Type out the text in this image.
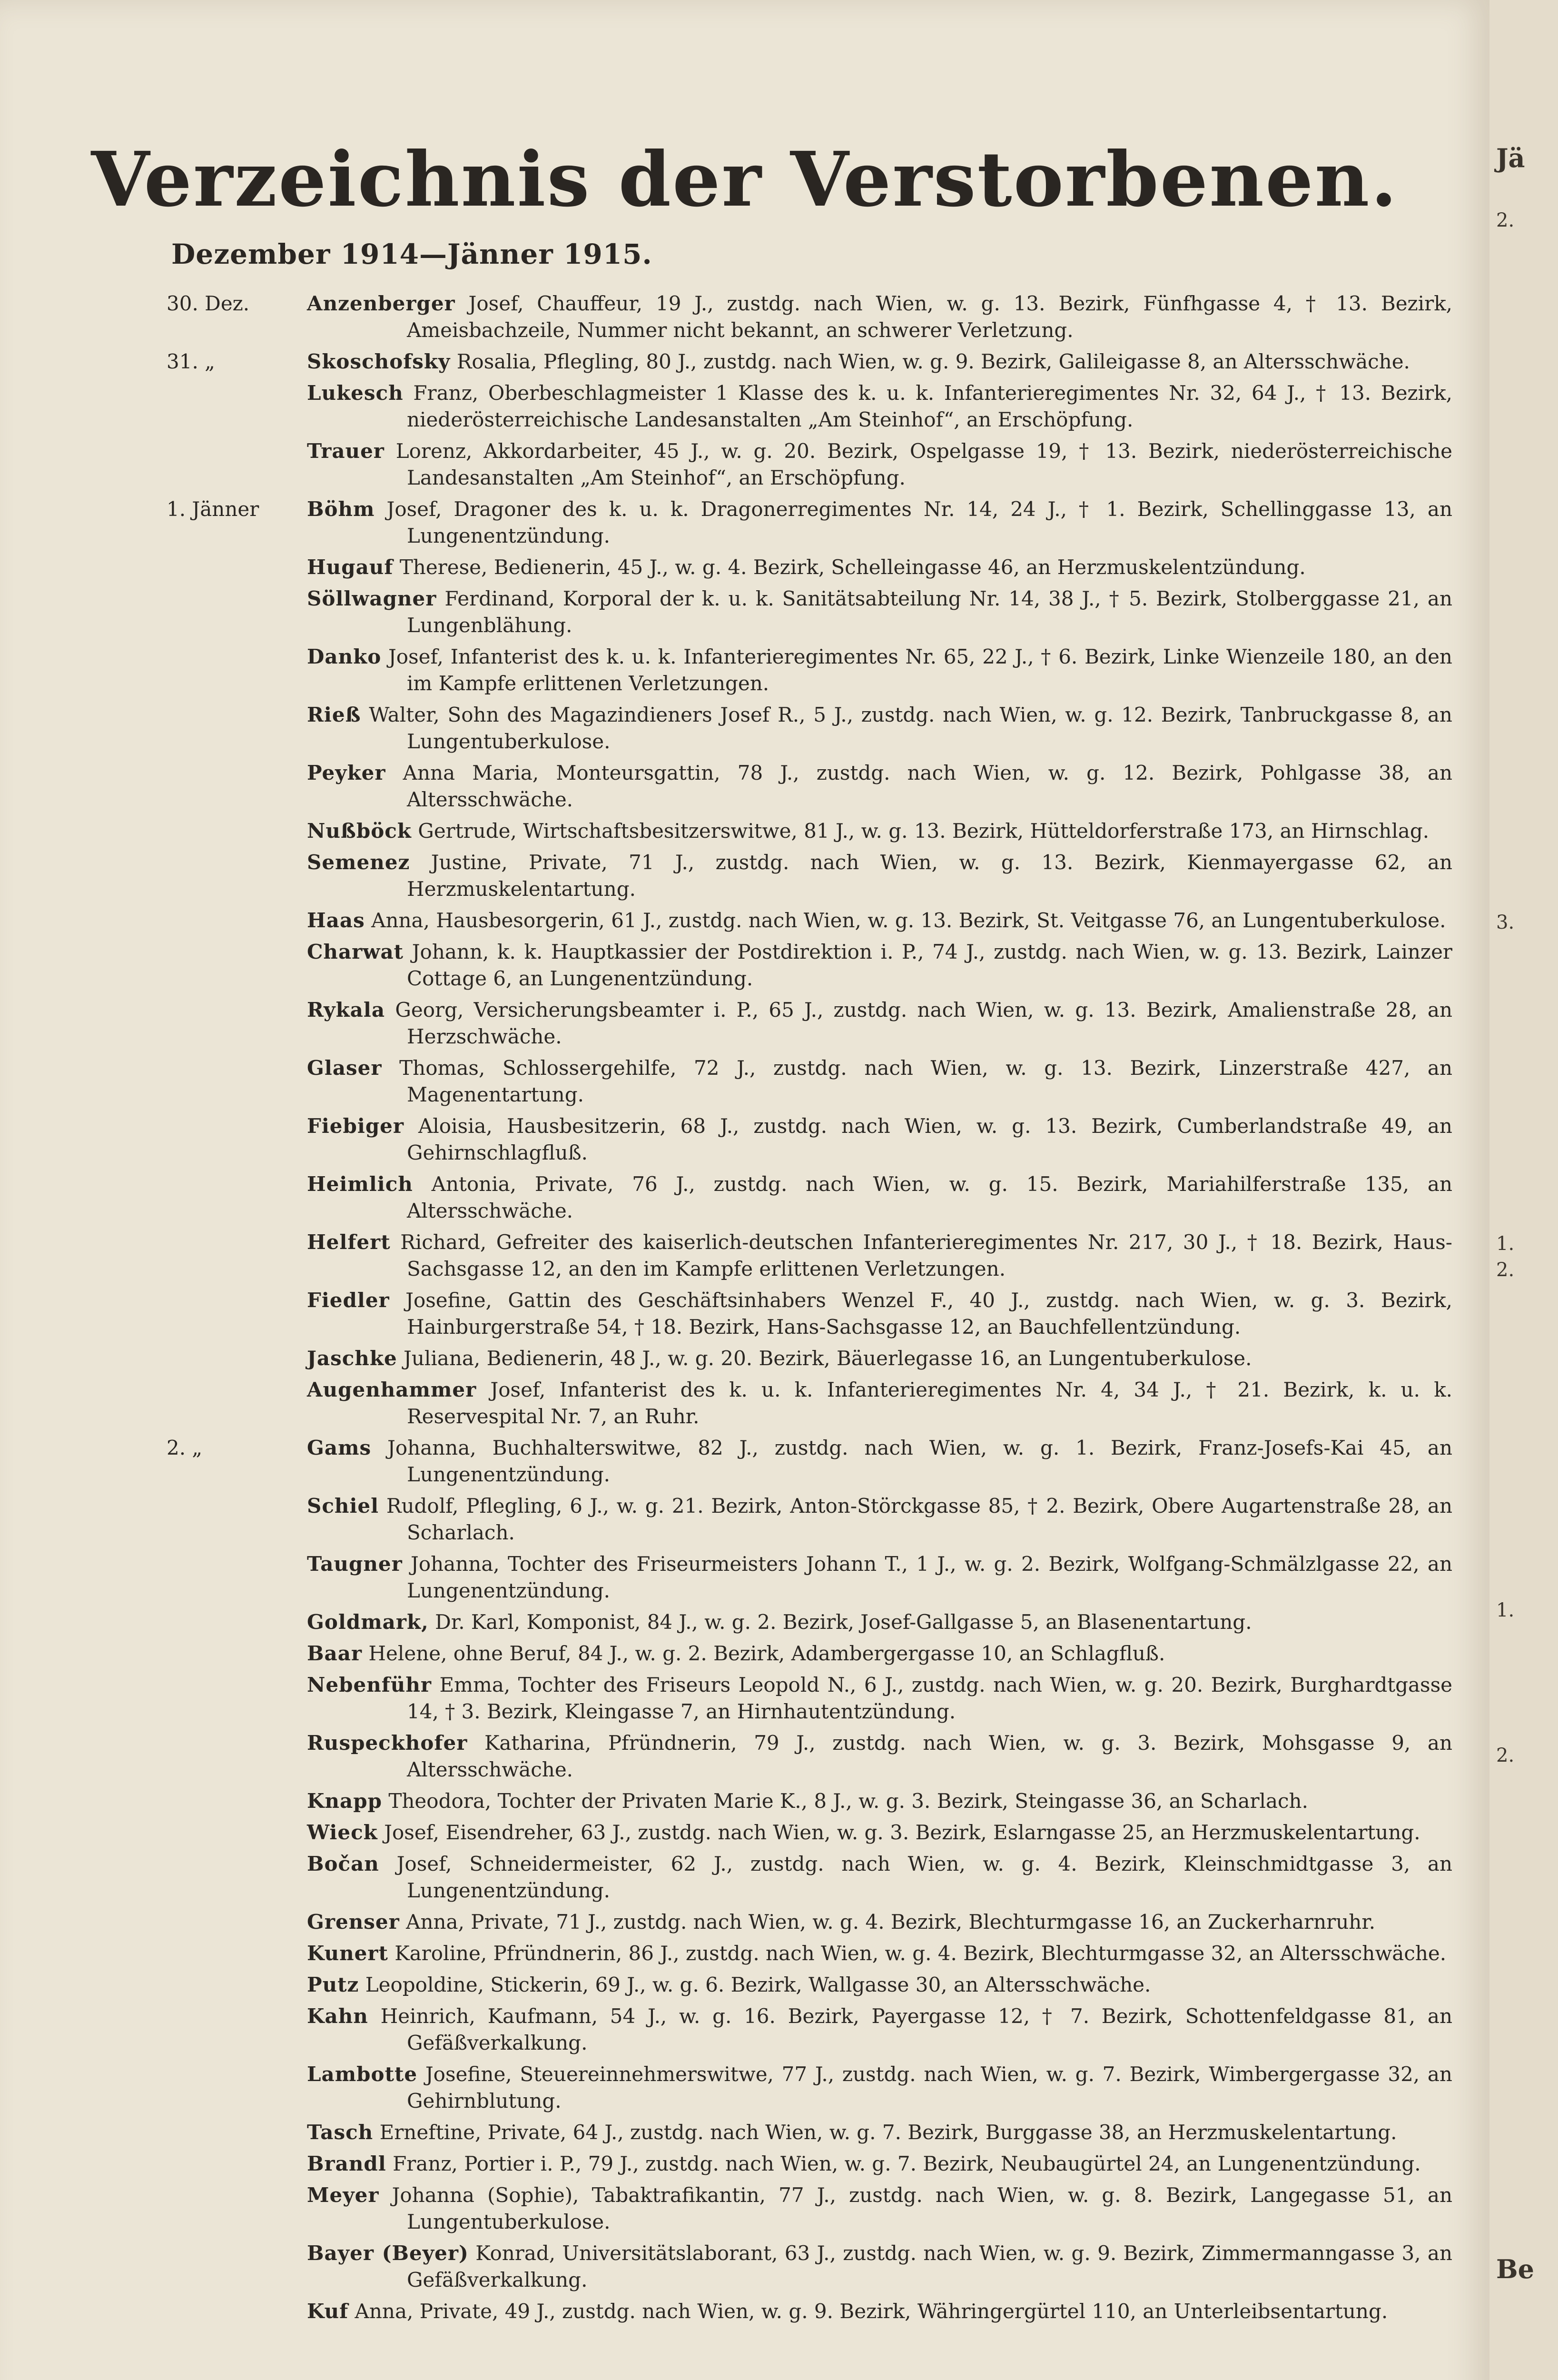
Verzeichnis der Verstorbenen.
Dezember 1914—Jänner 1915.
30. Dez.	Anzenberger Josef, Chauffeur, 19 J., zustdg. nach Wien, w. g. 13. Bezirk, Fünfhgasse 4, † 13. Bezirk, Ameisbachzeile, Nummer nicht bekannt, an schwerer Verletzung.
31. „	Skoschofsky Rosalia, Pflegling, 80 J., zustdg. nach Wien, w. g. 9. Bezirk, Galileigasse 8, an Altersschwäche.
Lukesch Franz, Oberbeschlagmeister 1 Klasse des k. u. k. Infanterieregimentes Nr. 32, 64 J., † 13. Bezirk, niederösterreichische Landesanstalten „Am Steinhof“, an Erschöpfung.
Trauer Lorenz, Akkordarbeiter, 45 J., w. g. 20. Bezirk, Ospelgasse 19, † 13. Bezirk, niederösterreichische Landesanstalten „Am Steinhof“, an Erschöpfung.
1. Jänner Böhm Josef, Dragoner des k. u. k. Dragonerregimentes Nr. 14, 24 J., † 1. Bezirk, Schellinggasse 13, an Lungenentzündung.
Hugauf Therese, Bedienerin, 45 J., w. g. 4. Bezirk, Schelleingasse 46, an Herzmuskelentzündung.
Söllwagner Ferdinand, Korporal der k. u. k. Sanitätsabteilung Nr. 14, 38 J., † 5. Bezirk, Stolberggasse 21, an Lungenblähung.
Danko Josef, Infanterist des k. u. k. Infanterieregimentes Nr. 65, 22 J., † 6. Bezirk, Linke Wienzeile 180, an den im Kampfe erlittenen Verletzungen.
Rieß Walter, Sohn des Magazindieners Josef R., 5 J., zustdg. nach Wien, w. g. 12. Bezirk, Tanbruckgasse 8, an Lungentuberkulose.
Peyker Anna Maria, Monteursgattin, 78 J., zustdg. nach Wien, w. g. 12. Bezirk, Pohlgasse 38, an Altersschwäche.
Nußböck Gertrude, Wirtschaftsbesitzerswitwe, 81 J., w. g. 13. Bezirk, Hütteldorferstraße 173, an Hirnschlag.
Semenez Justine, Private, 71 J., zustdg. nach Wien, w. g. 13. Bezirk, Kienmayergasse 62, an Herzmuskelentartung.
Haas Anna, Hausbesorgerin, 61 J., zustdg. nach Wien, w. g. 13. Bezirk, St. Veitgasse 76, an Lungentuberkulose.
Charwat Johann, k. k. Hauptkassier der Postdirektion i. P., 74 J., zustdg. nach Wien, w. g. 13. Bezirk, Lainzer Cottage 6, an Lungenentzündung.
Rykala Georg, Versicherungsbeamter i. P., 65 J., zustdg. nach Wien, w. g. 13. Bezirk, Amalienstraße 28, an Herzschwäche.
Glaser Thomas, Schlossergehilfe, 72 J., zustdg. nach Wien, w. g. 13. Bezirk, Linzerstraße 427, an Magenentartung.
Fiebiger Aloisia, Hausbesitzerin, 68 J., zustdg. nach Wien, w. g. 13. Bezirk, Cumberlandstraße 49, an Gehirnschlagfluß.
Heimlich Antonia, Private, 76 J., zustdg. nach Wien, w. g. 15. Bezirk, Mariahilferstraße 135, an Altersschwäche.
Helfert Richard, Gefreiter des kaiserlich-deutschen Infanterieregimentes Nr. 217, 30 J., † 18. Bezirk, Haus-Sachsgasse 12, an den im Kampfe erlittenen Verletzungen.
Fiedler Josefine, Gattin des Geschäftsinhabers Wenzel F., 40 J., zustdg. nach Wien, w. g. 3. Bezirk, Hainburgerstraße 54, † 18. Bezirk, Hans-Sachsgasse 12, an Bauchfellentzündung.
Jaschke Juliana, Bedienerin, 48 J., w. g. 20. Bezirk, Bäuerlegasse 16, an Lungentuberkulose.
Augenhammer Josef, Infanterist des k. u. k. Infanterieregimentes Nr. 4, 34 J., † 21. Bezirk, k. u. k. Reservespital Nr. 7, an Ruhr.
2. „	Gams Johanna, Buchhalterswitwe, 82 J., zustdg. nach Wien, w. g. 1. Bezirk, Franz-Josefs-Kai 45, an Lungenentzündung.
Schiel Rudolf, Pflegling, 6 J., w. g. 21. Bezirk, Anton-Störckgasse 85, † 2. Bezirk, Obere Augartenstraße 28, an Scharlach.
Taugner Johanna, Tochter des Friseurmeisters Johann T., 1 J., w. g. 2. Bezirk, Wolfgang-Schmälzlgasse 22, an Lungenentzündung.
Goldmark, Dr. Karl, Komponist, 84 J., w. g. 2. Bezirk, Josef-Gallgasse 5, an Blasenentartung.
Baar Helene, ohne Beruf, 84 J., w. g. 2. Bezirk, Adambergergasse 10, an Schlagfluß.
Nebenführ Emma, Tochter des Friseurs Leopold N., 6 J., zustdg. nach Wien, w. g. 20. Bezirk, Burghardtgasse 14, † 3. Bezirk, Kleingasse 7, an Hirnhautentzündung.
Ruspeckhofer Katharina, Pfründnerin, 79 J., zustdg. nach Wien, w. g. 3. Bezirk, Mohsgasse 9, an Altersschwäche.
Knapp Theodora, Tochter der Privaten Marie K., 8 J., w. g. 3. Bezirk, Steingasse 36, an Scharlach.
Wieck Josef, Eisendreher, 63 J., zustdg. nach Wien, w. g. 3. Bezirk, Eslarngasse 25, an Herzmuskelentartung.
Bočan Josef, Schneidermeister, 62 J., zustdg. nach Wien, w. g. 4. Bezirk, Kleinschmidtgasse 3, an Lungenentzündung.
Grenser Anna, Private, 71 J., zustdg. nach Wien, w. g. 4. Bezirk, Blechturmgasse 16, an Zuckerharnruhr.
Kunert Karoline, Pfründnerin, 86 J., zustdg. nach Wien, w. g. 4. Bezirk, Blechturmgasse 32, an Altersschwäche.
Putz Leopoldine, Stickerin, 69 J., w. g. 6. Bezirk, Wallgasse 30, an Altersschwäche.
Kahn Heinrich, Kaufmann, 54 J., w. g. 16. Bezirk, Payergasse 12, † 7. Bezirk, Schottenfeldgasse 81, an Gefäßverkalkung.
Lambotte Josefine, Steuereinnehmerswitwe, 77 J., zustdg. nach Wien, w. g. 7. Bezirk, Wimbergergasse 32, an Gehirnblutung.
Tasch Erneftine, Private, 64 J., zustdg. nach Wien, w. g. 7. Bezirk, Burggasse 38, an Herzmuskelentartung.
Brandl Franz, Portier i. P., 79 J., zustdg. nach Wien, w. g. 7. Bezirk, Neubaugürtel 24, an Lungenentzündung.
Meyer Johanna (Sophie), Tabaktrafikantin, 77 J., zustdg. nach Wien, w. g. 8. Bezirk, Langegasse 51, an Lungentuberkulose.
Bayer (Beyer) Konrad, Universitätslaborant, 63 J., zustdg. nach Wien, w. g. 9. Bezirk, Zimmermanngasse 3, an Gefäßverkalkung.
Kuf Anna, Private, 49 J., zustdg. nach Wien, w. g. 9. Bezirk, Währingergürtel 110, an Unterleibsentartung.
Jä
2.
3.
1.
2.
1.
2.
Be
